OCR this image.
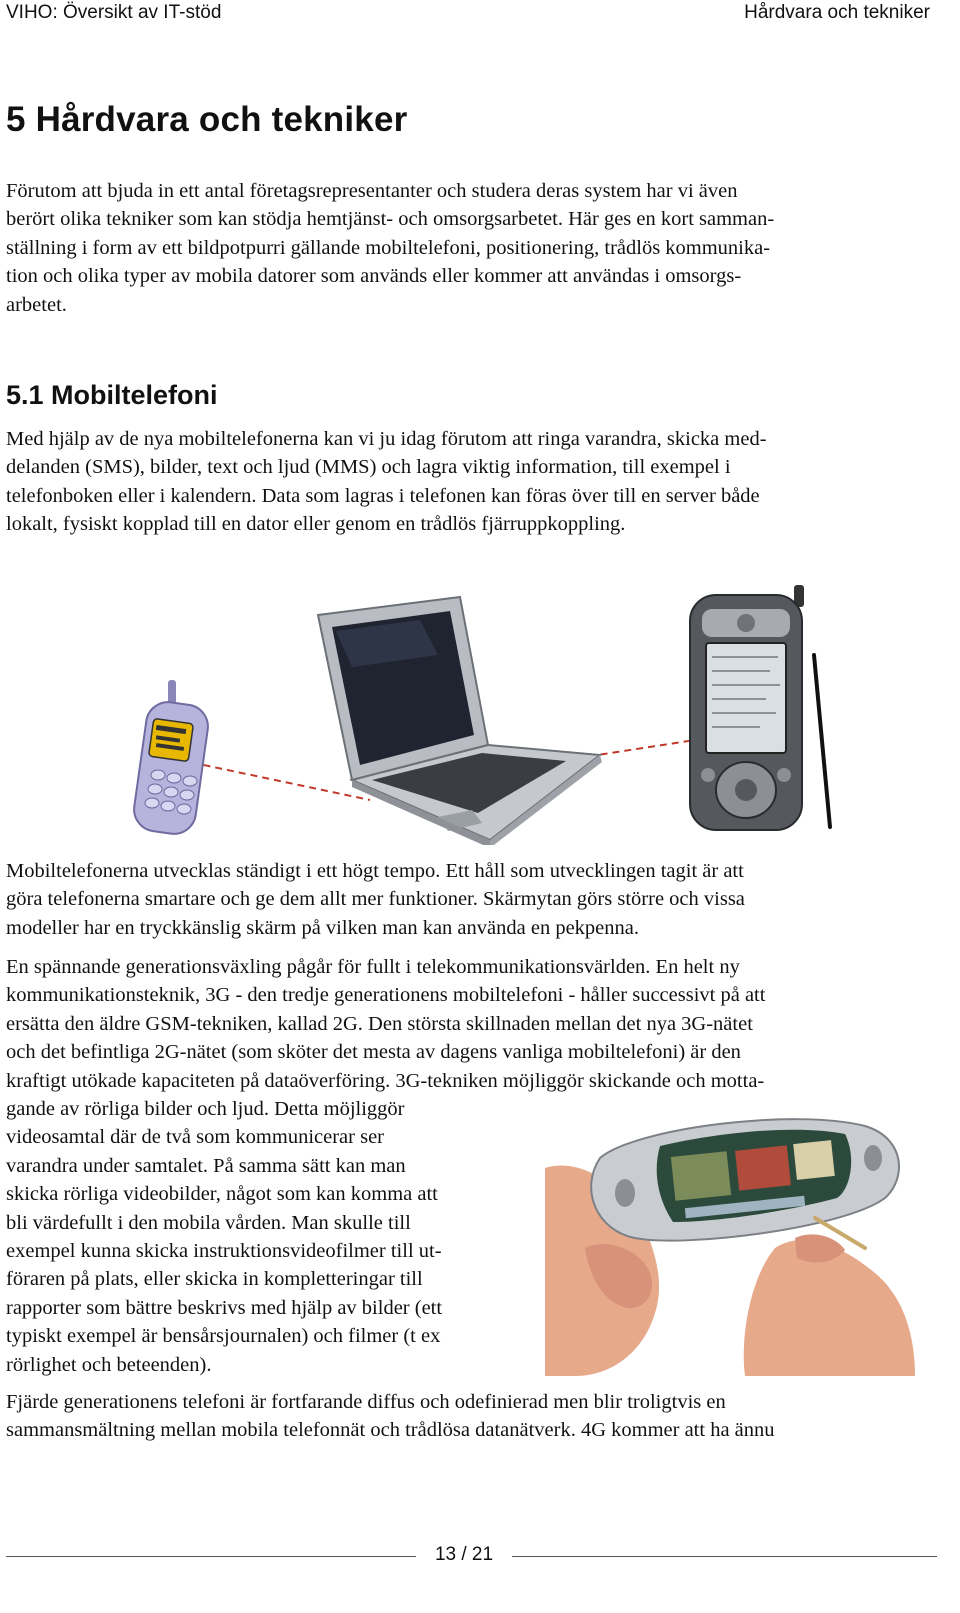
VIHO: Översikt av IT-stöd	Hårdvara och tekniker
5 Hårdvara och tekniker

Förutom att bjuda in ett antal företagsrepresentanter och studera deras system har vi även
berört olika tekniker som kan stödja hemtjänst- och omsorgsarbetet. Här ges en kort samman-
ställning i form av ett bildpotpurri gällande mobiltelefoni, positionering, trådlös kommunika-
tion och olika typer av mobila datorer som används eller kommer att användas i omsorgs-
arbetet.

5.1 Mobiltelefoni

Med hjälp av de nya mobiltelefonerna kan vi ju idag förutom att ringa varandra, skicka med-
delanden (SMS), bilder, text och ljud (MMS) och lagra viktig information, till exempel i
telefonboken eller i kalendern. Data som lagras i telefonen kan föras över till en server både
lokalt, fysiskt kopplad till en dator eller genom en trådlös fjärruppkoppling.

Mobiltelefonerna utvecklas ständigt i ett högt tempo. Ett håll som utvecklingen tagit är att
göra telefonerna smartare och ge dem allt mer funktioner. Skärmytan görs större och vissa
modeller har en tryckkänslig skärm på vilken man kan använda en pekpenna.

En spännande generationsväxling pågår för fullt i telekommunikationsvärlden. En helt ny
kommunikationsteknik, 3G - den tredje generationens mobiltelefoni - håller successivt på att
ersätta den äldre GSM-tekniken, kallad 2G. Den största skillnaden mellan det nya 3G-nätet
och det befintliga 2G-nätet (som sköter det mesta av dagens vanliga mobiltelefoni) är den
kraftigt utökade kapaciteten på dataöverföring. 3G-tekniken möjliggör skickande och motta-

gande av rörliga bilder och ljud. Detta möjliggör
videosamtal där de två som kommunicerar ser
varandra under samtalet. På samma sätt kan man
skicka rörliga videobilder, något som kan komma att
bli värdefullt i den mobila vården. Man skulle till
exempel kunna skicka instruktionsvideofilmer till ut-
föraren på plats, eller skicka in kompletteringar till
rapporter som bättre beskrivs med hjälp av bilder (ett
typiskt exempel är bensårsjournalen) och filmer (t ex
rörlighet och beteenden).

Fjärde generationens telefoni är fortfarande diffus och odefinierad men blir troligtvis en
sammansmältning mellan mobila telefonnät och trådlösa datanätverk. 4G kommer att ha ännu

13 / 21
